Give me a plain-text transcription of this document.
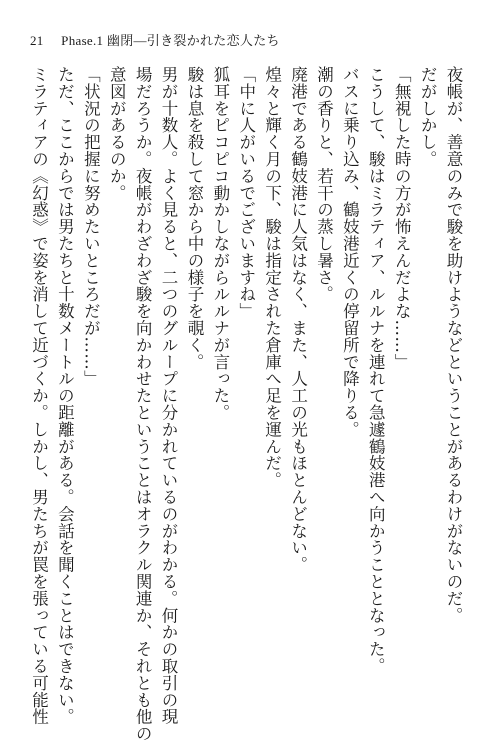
21 Phase.1 幽閉—引き裂かれた恋人たち
夜帳が、善意のみで駿を助けようなどということがあるわけがないのだ。
だがしかし。
「無視した時の方が怖えんだよな……」
こうして、駿はミラティア、ルルナを連れて急遽鶴妓港へ向かうこととなった。
バスに乗り込み、鶴妓港近くの停留所で降りる。
潮の香りと、若干の蒸し暑さ。
廃港である鶴妓港に人気はなく、また、人工の光もほとんどない。
煌々と輝く月の下、駿は指定された倉庫へ足を運んだ。
「中に人がいるでございますね」
狐耳をピコピコ動かしながらルルナが言った。
駿は息を殺して窓から中の様子を覗く。
男が十数人。よく見ると、二つのグループに分かれているのがわかる。何かの取引の現
場だろうか。夜帳がわざわざ駿を向かわせたということはオラクル関連か、それとも他の
意図があるのか。
「状況の把握に努めたいところだが……」
ただ、ここからでは男たちと十数メートルの距離がある。会話を聞くことはできない。
ミラティアの《幻惑》で姿を消して近づくか。しかし、男たちが罠を張っている可能性
